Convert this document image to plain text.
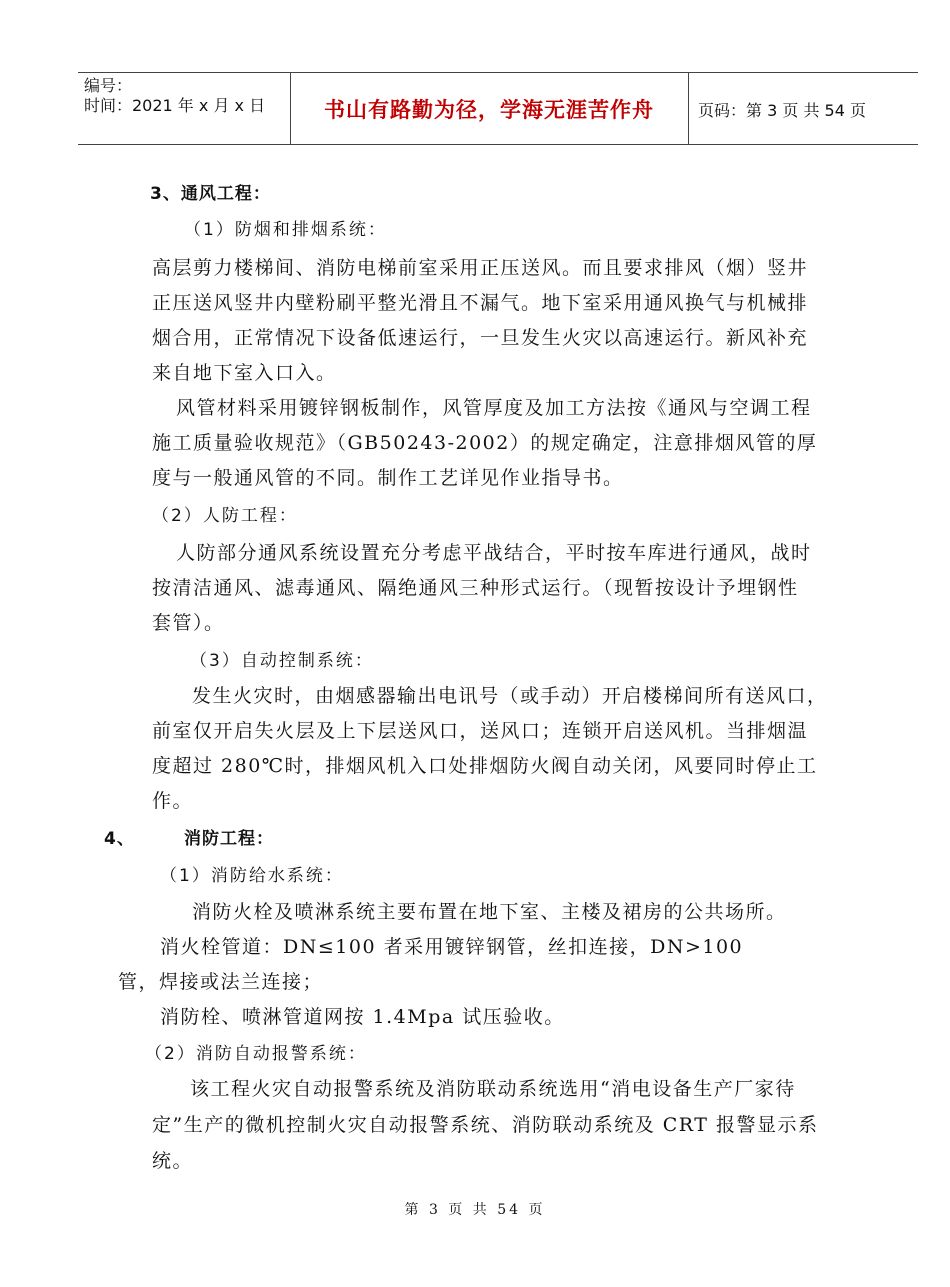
编号：
时间：2021 年 x 月 x 日	书山有路勤为径，学海无涯苦作舟	页码：第 3 页 共 54 页
3、通风工程：
（1）防烟和排烟系统：
高层剪力楼梯间、消防电梯前室采用正压送风。而且要求排风（烟）竖井
正压送风竖井内壁粉刷平整光滑且不漏气。地下室采用通风换气与机械排
烟合用，正常情况下设备低速运行，一旦发生火灾以高速运行。新风补充
来自地下室入口入。
风管材料采用镀锌钢板制作，风管厚度及加工方法按《通风与空调工程
施工质量验收规范》（GB50243-2002）的规定确定，注意排烟风管的厚
度与一般通风管的不同。制作工艺详见作业指导书。
（2）人防工程：
人防部分通风系统设置充分考虑平战结合，平时按车库进行通风，战时
按清洁通风、滤毒通风、隔绝通风三种形式运行。（现暂按设计予埋钢性
套管）。
（3）自动控制系统：
发生火灾时，由烟感器输出电讯号（或手动）开启楼梯间所有送风口，
前室仅开启失火层及上下层送风口，送风口；连锁开启送风机。当排烟温
度超过 280℃时，排烟风机入口处排烟防火阀自动关闭，风要同时停止工
作。
4、	消防工程：
（1）消防给水系统：
消防火栓及喷淋系统主要布置在地下室、主楼及裙房的公共场所。
消火栓管道：DN≤100 者采用镀锌钢管，丝扣连接，DN>100
管，焊接或法兰连接；
消防栓、喷淋管道网按 1.4Mpa 试压验收。
（2）消防自动报警系统：
该工程火灾自动报警系统及消防联动系统选用“消电设备生产厂家待
定”生产的微机控制火灾自动报警系统、消防联动系统及 CRT 报警显示系
统。
第 3 页 共 54 页
